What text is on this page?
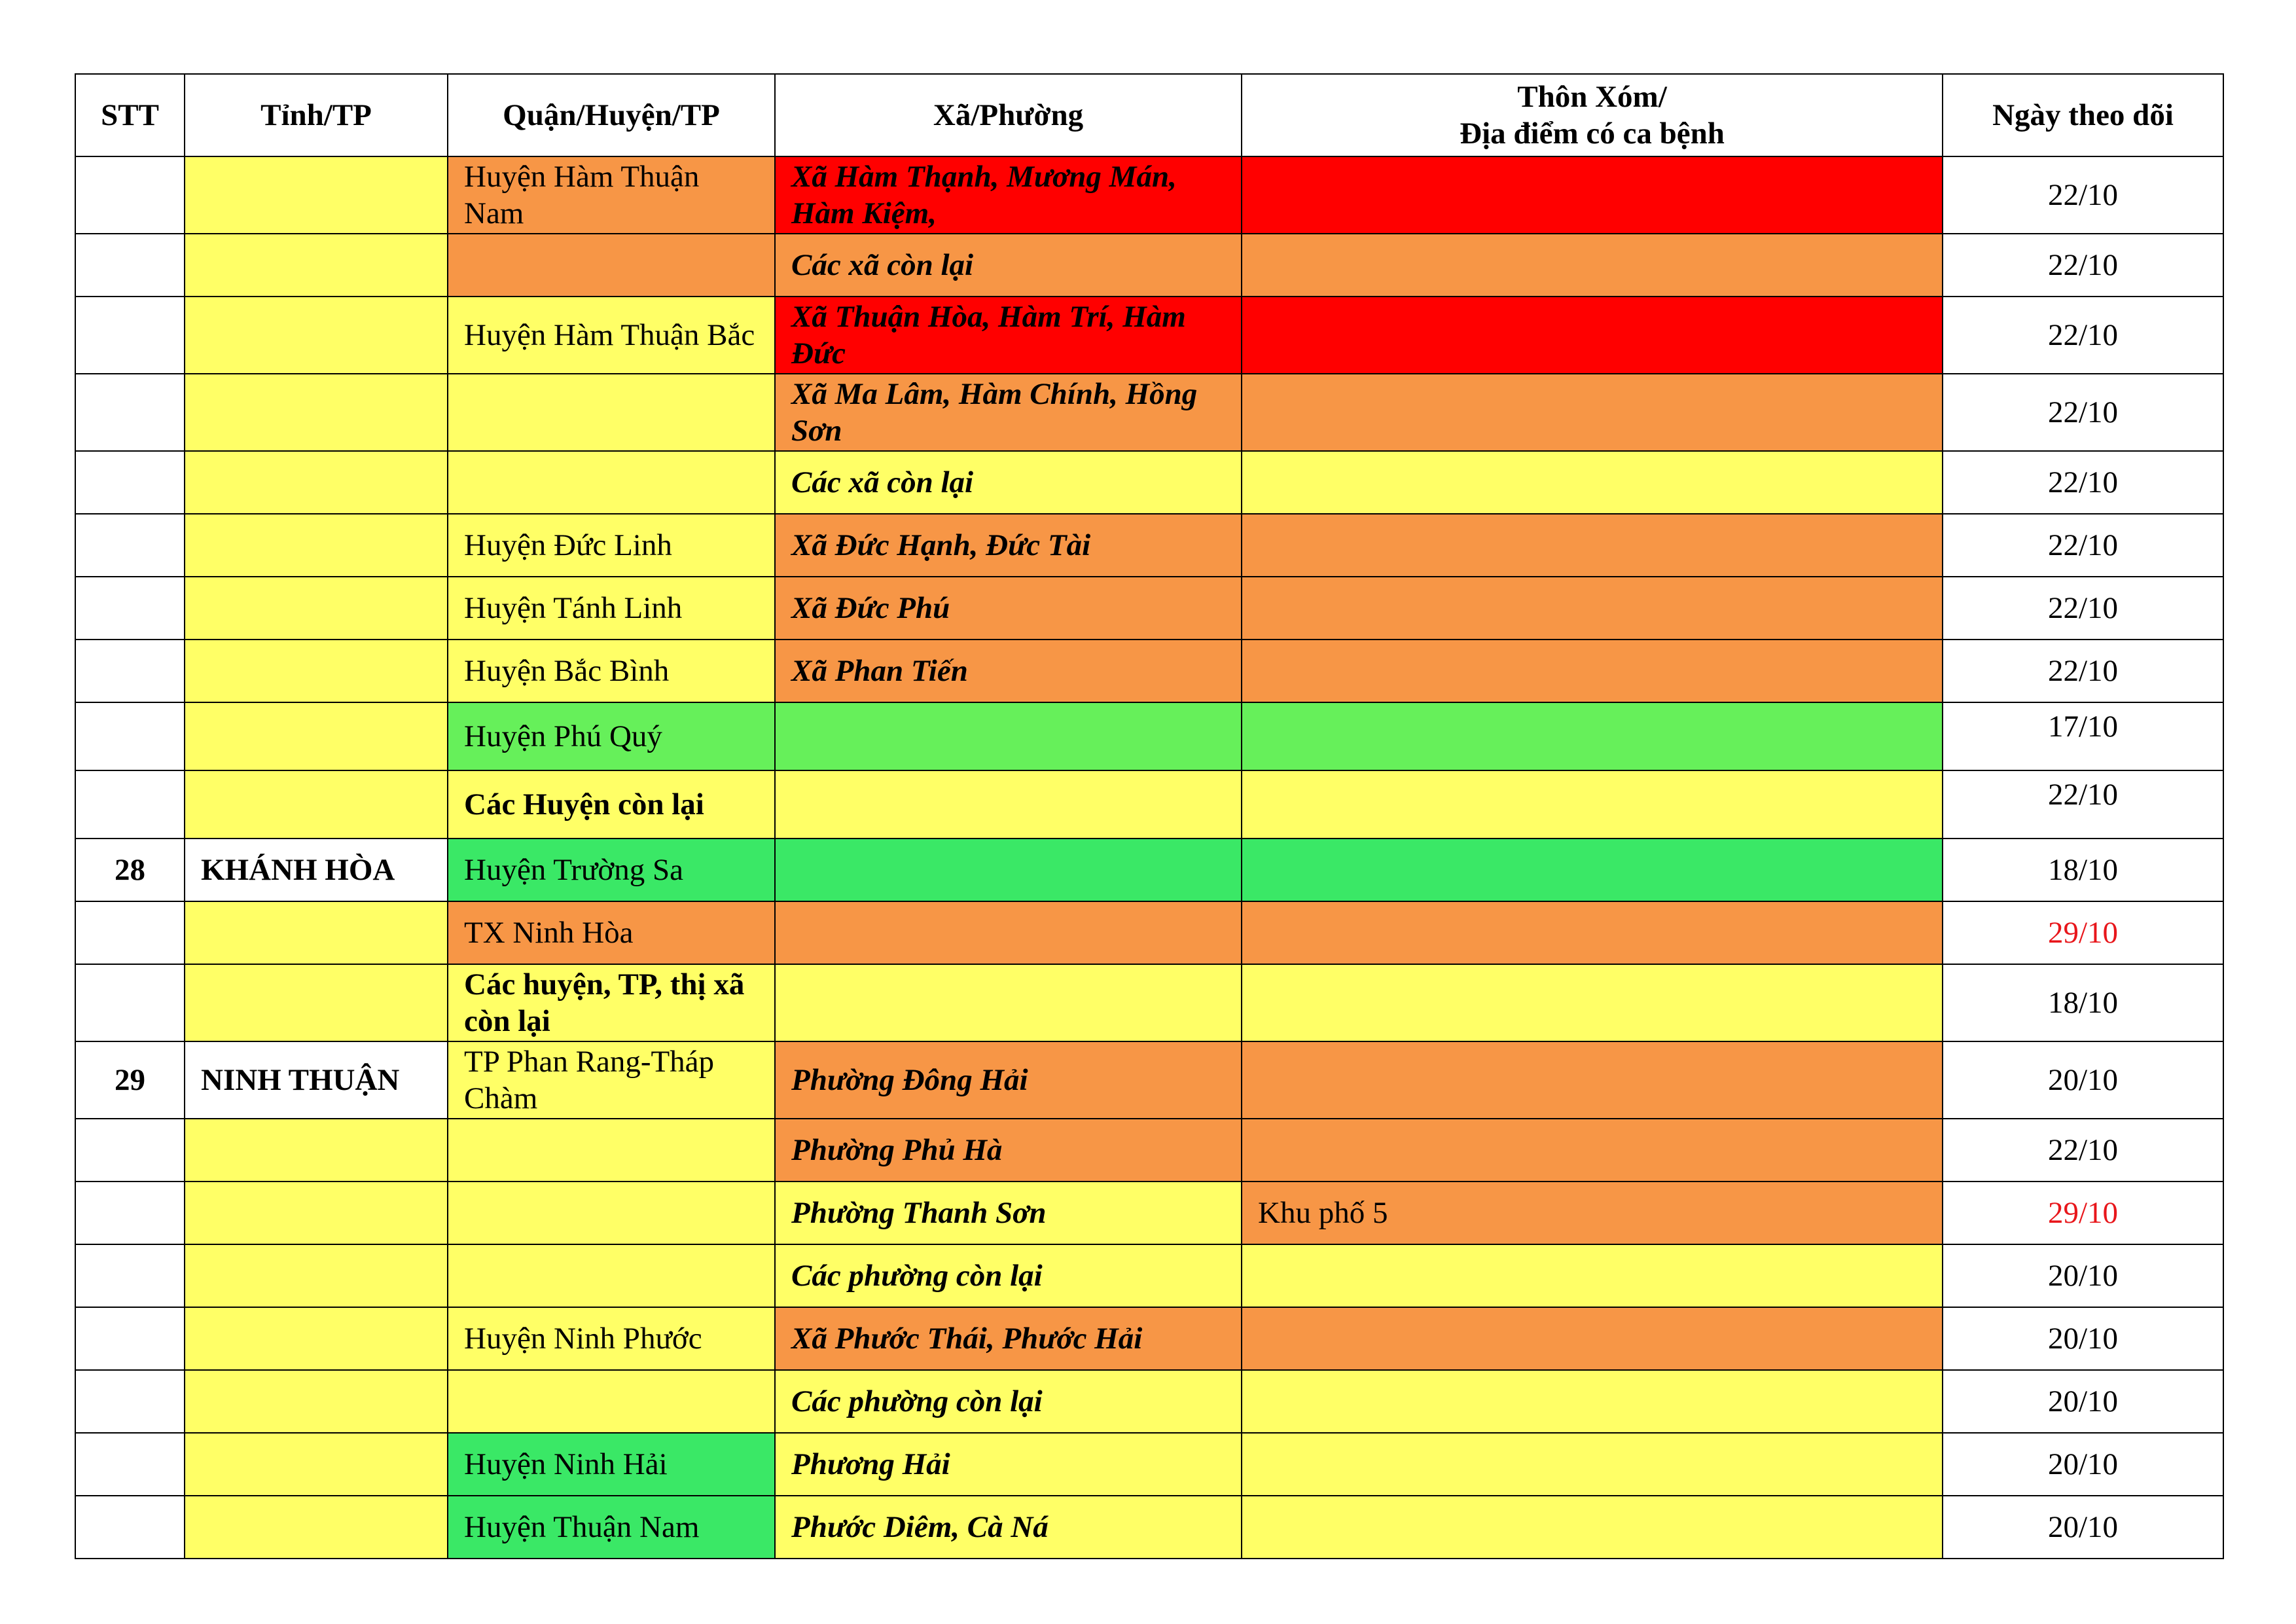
STT	Tỉnh/TP	Quận/Huyện/TP	Xã/Phường	Thôn Xóm/
Địa điểm có ca bệnh	Ngày theo dõi
		Huyện Hàm Thuận Nam	Xã Hàm Thạnh, Mương Mán, Hàm Kiệm,		22/10
			Các xã còn lại		22/10
		Huyện Hàm Thuận Bắc	Xã Thuận Hòa, Hàm Trí, Hàm Đức		22/10
			Xã Ma Lâm, Hàm Chính, Hồng Sơn		22/10
			Các xã còn lại		22/10
		Huyện Đức Linh	Xã Đức Hạnh, Đức Tài		22/10
		Huyện Tánh Linh	Xã Đức Phú		22/10
		Huyện Bắc Bình	Xã Phan Tiến		22/10
		Huyện Phú Quý			17/10
		Các Huyện còn lại			22/10
28	KHÁNH HÒA	Huyện Trường Sa			18/10
		TX Ninh Hòa			29/10
		Các huyện, TP, thị xã còn lại			18/10
29	NINH THUẬN	TP Phan Rang-Tháp Chàm	Phường Đông Hải		20/10
			Phường Phủ Hà		22/10
			Phường Thanh Sơn	Khu phố 5	29/10
			Các phường còn lại		20/10
		Huyện Ninh Phước	Xã Phước Thái, Phước Hải		20/10
			Các phường còn lại		20/10
		Huyện Ninh Hải	Phương Hải		20/10
		Huyện Thuận Nam	Phước Diêm, Cà Ná		20/10
